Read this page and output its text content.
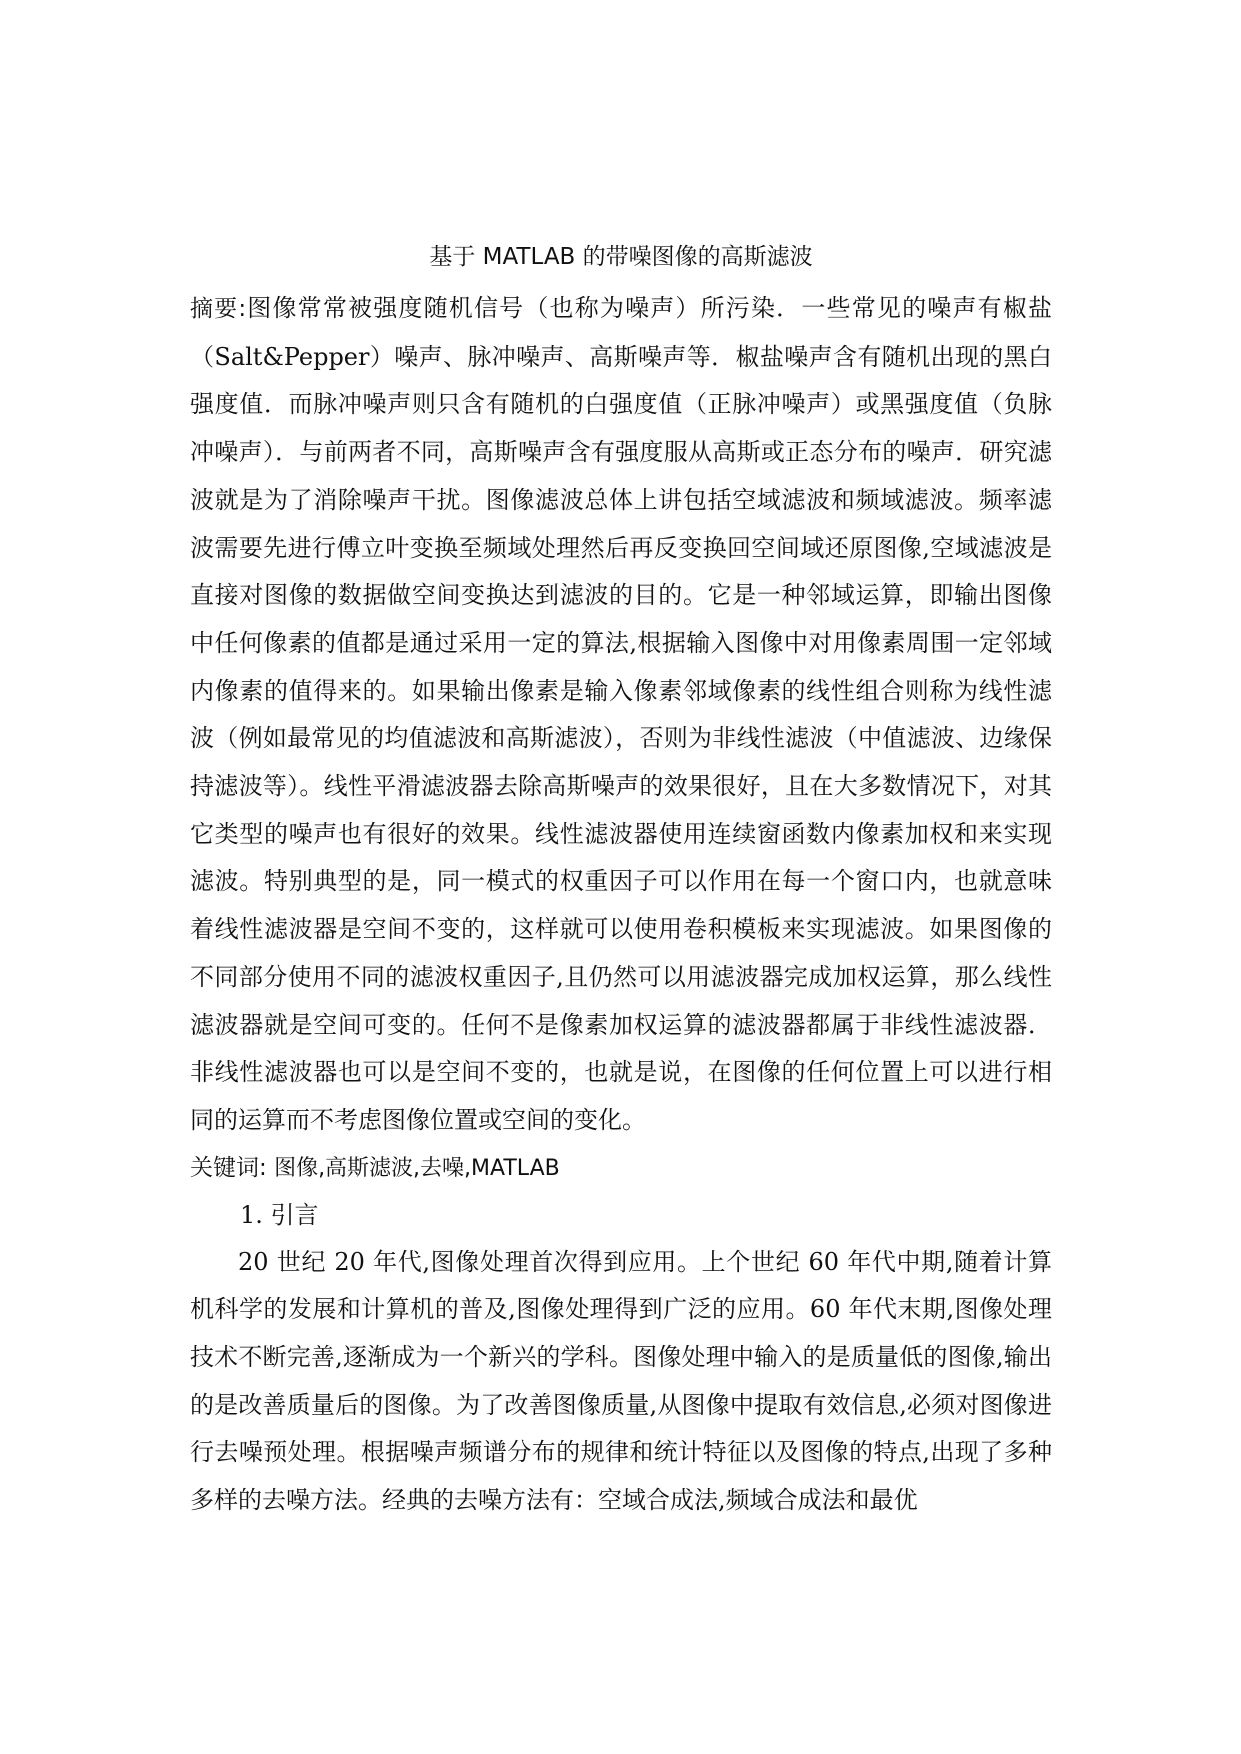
基于 MATLAB 的带噪图像的高斯滤波

摘要:图像常常被强度随机信号（也称为噪声）所污染．一些常见的噪声有椒盐（Salt&Pepper）噪声、脉冲噪声、高斯噪声等．椒盐噪声含有随机出现的黑白强度值．而脉冲噪声则只含有随机的白强度值（正脉冲噪声）或黑强度值（负脉冲噪声）．与前两者不同，高斯噪声含有强度服从高斯或正态分布的噪声．研究滤波就是为了消除噪声干扰。图像滤波总体上讲包括空域滤波和频域滤波。频率滤波需要先进行傅立叶变换至频域处理然后再反变换回空间域还原图像,空域滤波是直接对图像的数据做空间变换达到滤波的目的。它是一种邻域运算，即输出图像中任何像素的值都是通过采用一定的算法,根据输入图像中对用像素周围一定邻域内像素的值得来的。如果输出像素是输入像素邻域像素的线性组合则称为线性滤波（例如最常见的均值滤波和高斯滤波），否则为非线性滤波（中值滤波、边缘保持滤波等）。线性平滑滤波器去除高斯噪声的效果很好，且在大多数情况下，对其它类型的噪声也有很好的效果。线性滤波器使用连续窗函数内像素加权和来实现滤波。特别典型的是，同一模式的权重因子可以作用在每一个窗口内，也就意味着线性滤波器是空间不变的，这样就可以使用卷积模板来实现滤波。如果图像的不同部分使用不同的滤波权重因子,且仍然可以用滤波器完成加权运算，那么线性滤波器就是空间可变的。任何不是像素加权运算的滤波器都属于非线性滤波器．非线性滤波器也可以是空间不变的，也就是说，在图像的任何位置上可以进行相同的运算而不考虑图像位置或空间的变化。

关键词: 图像,高斯滤波,去噪,MATLAB

1. 引言

20 世纪 20 年代,图像处理首次得到应用。上个世纪 60 年代中期,随着计算机科学的发展和计算机的普及,图像处理得到广泛的应用。60 年代末期,图像处理技术不断完善,逐渐成为一个新兴的学科。图像处理中输入的是质量低的图像,输出的是改善质量后的图像。为了改善图像质量,从图像中提取有效信息,必须对图像进行去噪预处理。根据噪声频谱分布的规律和统计特征以及图像的特点,出现了多种多样的去噪方法。经典的去噪方法有：空域合成法,频域合成法和最优
